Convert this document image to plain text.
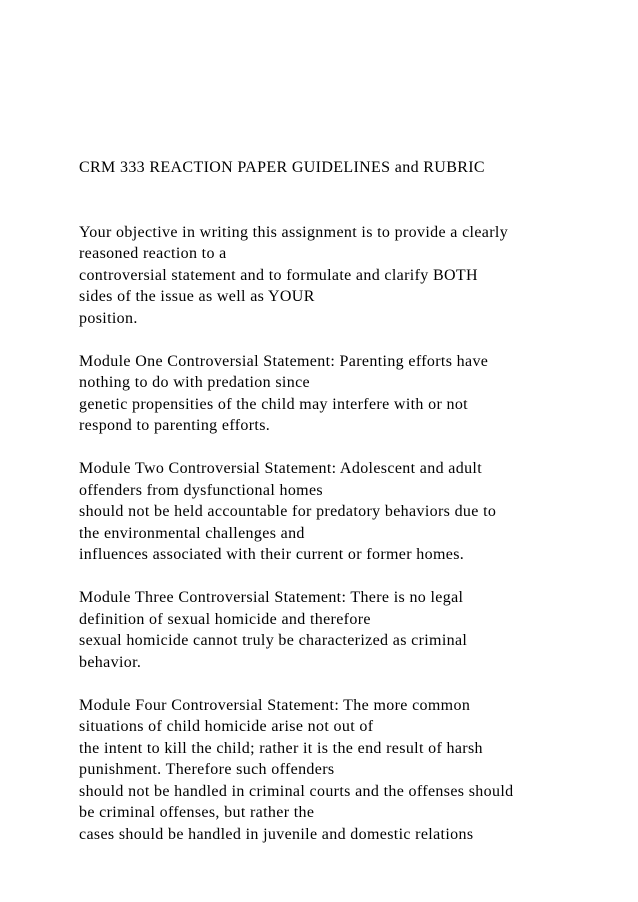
CRM 333 REACTION PAPER GUIDELINES and RUBRIC
Your objective in writing this assignment is to provide a clearly
reasoned reaction to a
controversial statement and to formulate and clarify BOTH
sides of the issue as well as YOUR
position.
Module One Controversial Statement: Parenting efforts have
nothing to do with predation since
genetic propensities of the child may interfere with or not
respond to parenting efforts.
Module Two Controversial Statement: Adolescent and adult
offenders from dysfunctional homes
should not be held accountable for predatory behaviors due to
the environmental challenges and
influences associated with their current or former homes.
Module Three Controversial Statement: There is no legal
definition of sexual homicide and therefore
sexual homicide cannot truly be characterized as criminal
behavior.
Module Four Controversial Statement: The more common
situations of child homicide arise not out of
the intent to kill the child; rather it is the end result of harsh
punishment. Therefore such offenders
should not be handled in criminal courts and the offenses should
be criminal offenses, but rather the
cases should be handled in juvenile and domestic relations
